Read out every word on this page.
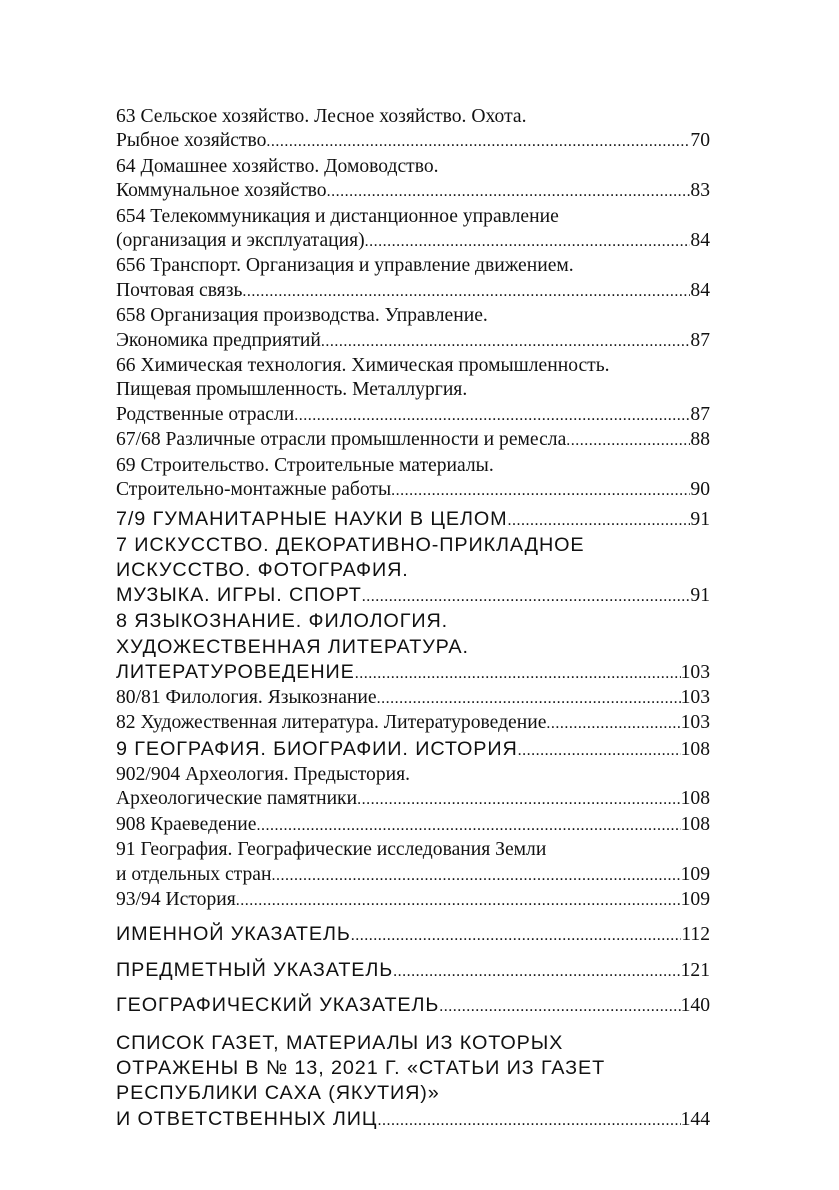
63 Сельское хозяйство. Лесное хозяйство. Охота.
Рыбное хозяйство .....	70
64 Домашнее хозяйство. Домоводство.
Коммунальное хозяйство .....	83
654 Телекоммуникация и дистанционное управление
(организация и эксплуатация) .....	84
656 Транспорт. Организация и управление движением.
Почтовая связь .....	84
658 Организация производства. Управление.
Экономика предприятий .....	87
66 Химическая технология. Химическая промышленность.
Пищевая промышленность. Металлургия.
Родственные отрасли .....	87
67/68 Различные отрасли промышленности и ремесла .....	88
69 Строительство. Строительные материалы.
Строительно-монтажные работы .....	90
7/9 ГУМАНИТАРНЫЕ НАУКИ В ЦЕЛОМ .....	91
7 ИСКУССТВО. ДЕКОРАТИВНО-ПРИКЛАДНОЕ
ИСКУССТВО. ФОТОГРАФИЯ.
МУЗЫКА. ИГРЫ. СПОРТ .....	91
8 ЯЗЫКОЗНАНИЕ. ФИЛОЛОГИЯ.
ХУДОЖЕСТВЕННАЯ ЛИТЕРАТУРА.
ЛИТЕРАТУРОВЕДЕНИЕ .....	103
80/81 Филология. Языкознание .....	103
82 Художественная литература. Литературоведение .....	103
9 ГЕОГРАФИЯ. БИОГРАФИИ. ИСТОРИЯ .....	108
902/904 Археология. Предыстория.
Археологические памятники .....	108
908 Краеведение .....	108
91 География. Географические исследования Земли
и отдельных стран .....	109
93/94 История .....	109
ИМЕННОЙ УКАЗАТЕЛЬ .....	112
ПРЕДМЕТНЫЙ УКАЗАТЕЛЬ .....	121
ГЕОГРАФИЧЕСКИЙ УКАЗАТЕЛЬ .....	140
СПИСОК ГАЗЕТ, МАТЕРИАЛЫ ИЗ КОТОРЫХ
ОТРАЖЕНЫ В № 13, 2021 Г. «СТАТЬИ ИЗ ГАЗЕТ
РЕСПУБЛИКИ САХА (ЯКУТИЯ)»
И ОТВЕТСТВЕННЫХ ЛИЦ .....	144
